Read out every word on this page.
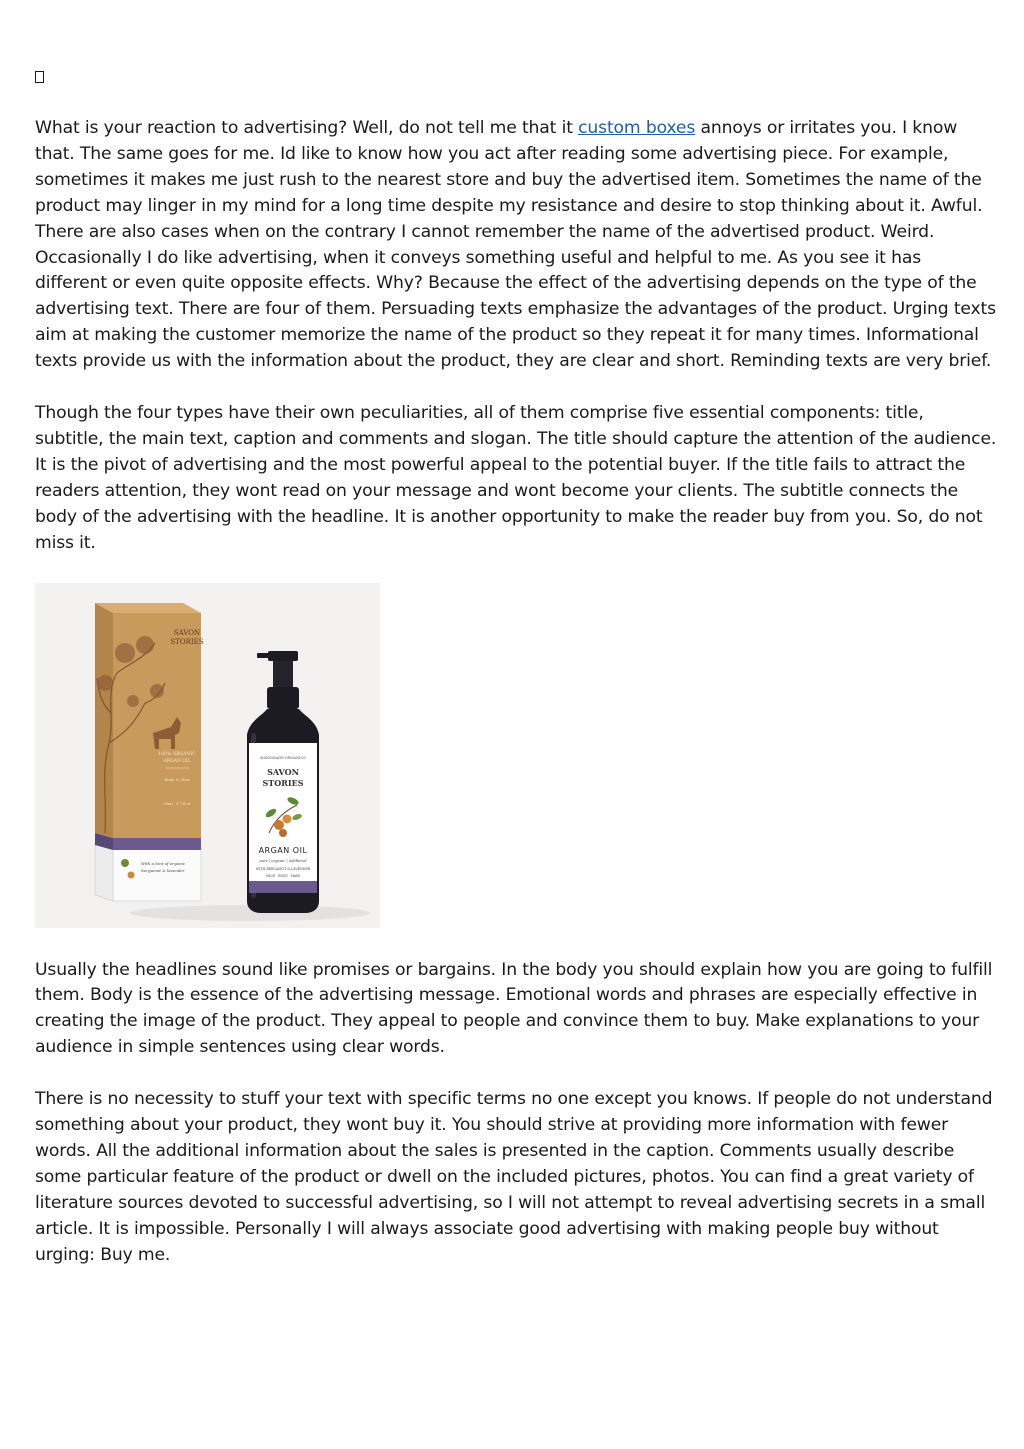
What is your reaction to advertising? Well, do not tell me that it custom boxes annoys or irritates you. I know that. The same goes for me. Id like to know how you act after reading some advertising piece. For example, sometimes it makes me just rush to the nearest store and buy the advertised item. Sometimes the name of the product may linger in my mind for a long time despite my resistance and desire to stop thinking about it. Awful. There are also cases when on the contrary I cannot remember the name of the advertised product. Weird. Occasionally I do like advertising, when it conveys something useful and helpful to me. As you see it has different or even quite opposite effects. Why? Because the effect of the advertising depends on the type of the advertising text. There are four of them. Persuading texts emphasize the advantages of the product. Urging texts aim at making the customer memorize the name of the product so they repeat it for many times. Informational texts provide us with the information about the product, they are clear and short. Reminding texts are very brief.

Though the four types have their own peculiarities, all of them comprise five essential components: title, subtitle, the main text, caption and comments and slogan. The title should capture the attention of the audience. It is the pivot of advertising and the most powerful appeal to the potential buyer. If the title fails to attract the readers attention, they wont read on your message and wont become your clients. The subtitle connects the body of the advertising with the headline. It is another opportunity to make the reader buy from you. So, do not miss it.

SAVON
STORIES
100% ORGANIC
ARGAN OIL
Body & Hair
50ml · 1.7 fl.oz
With a hint of organic
bergamot & lavender
HANDMADE ORGANICS
SAVON
STORIES
ARGAN OIL
pure | organic | unfiltered
WITH BERGAMOT & LAVENDER
FACE · BODY · HAIR

Usually the headlines sound like promises or bargains. In the body you should explain how you are going to fulfill them. Body is the essence of the advertising message. Emotional words and phrases are especially effective in creating the image of the product. They appeal to people and convince them to buy. Make explanations to your audience in simple sentences using clear words.

There is no necessity to stuff your text with specific terms no one except you knows. If people do not understand something about your product, they wont buy it. You should strive at providing more information with fewer words. All the additional information about the sales is presented in the caption. Comments usually describe some particular feature of the product or dwell on the included pictures, photos. You can find a great variety of literature sources devoted to successful advertising, so I will not attempt to reveal advertising secrets in a small article. It is impossible. Personally I will always associate good advertising with making people buy without urging: Buy me.
